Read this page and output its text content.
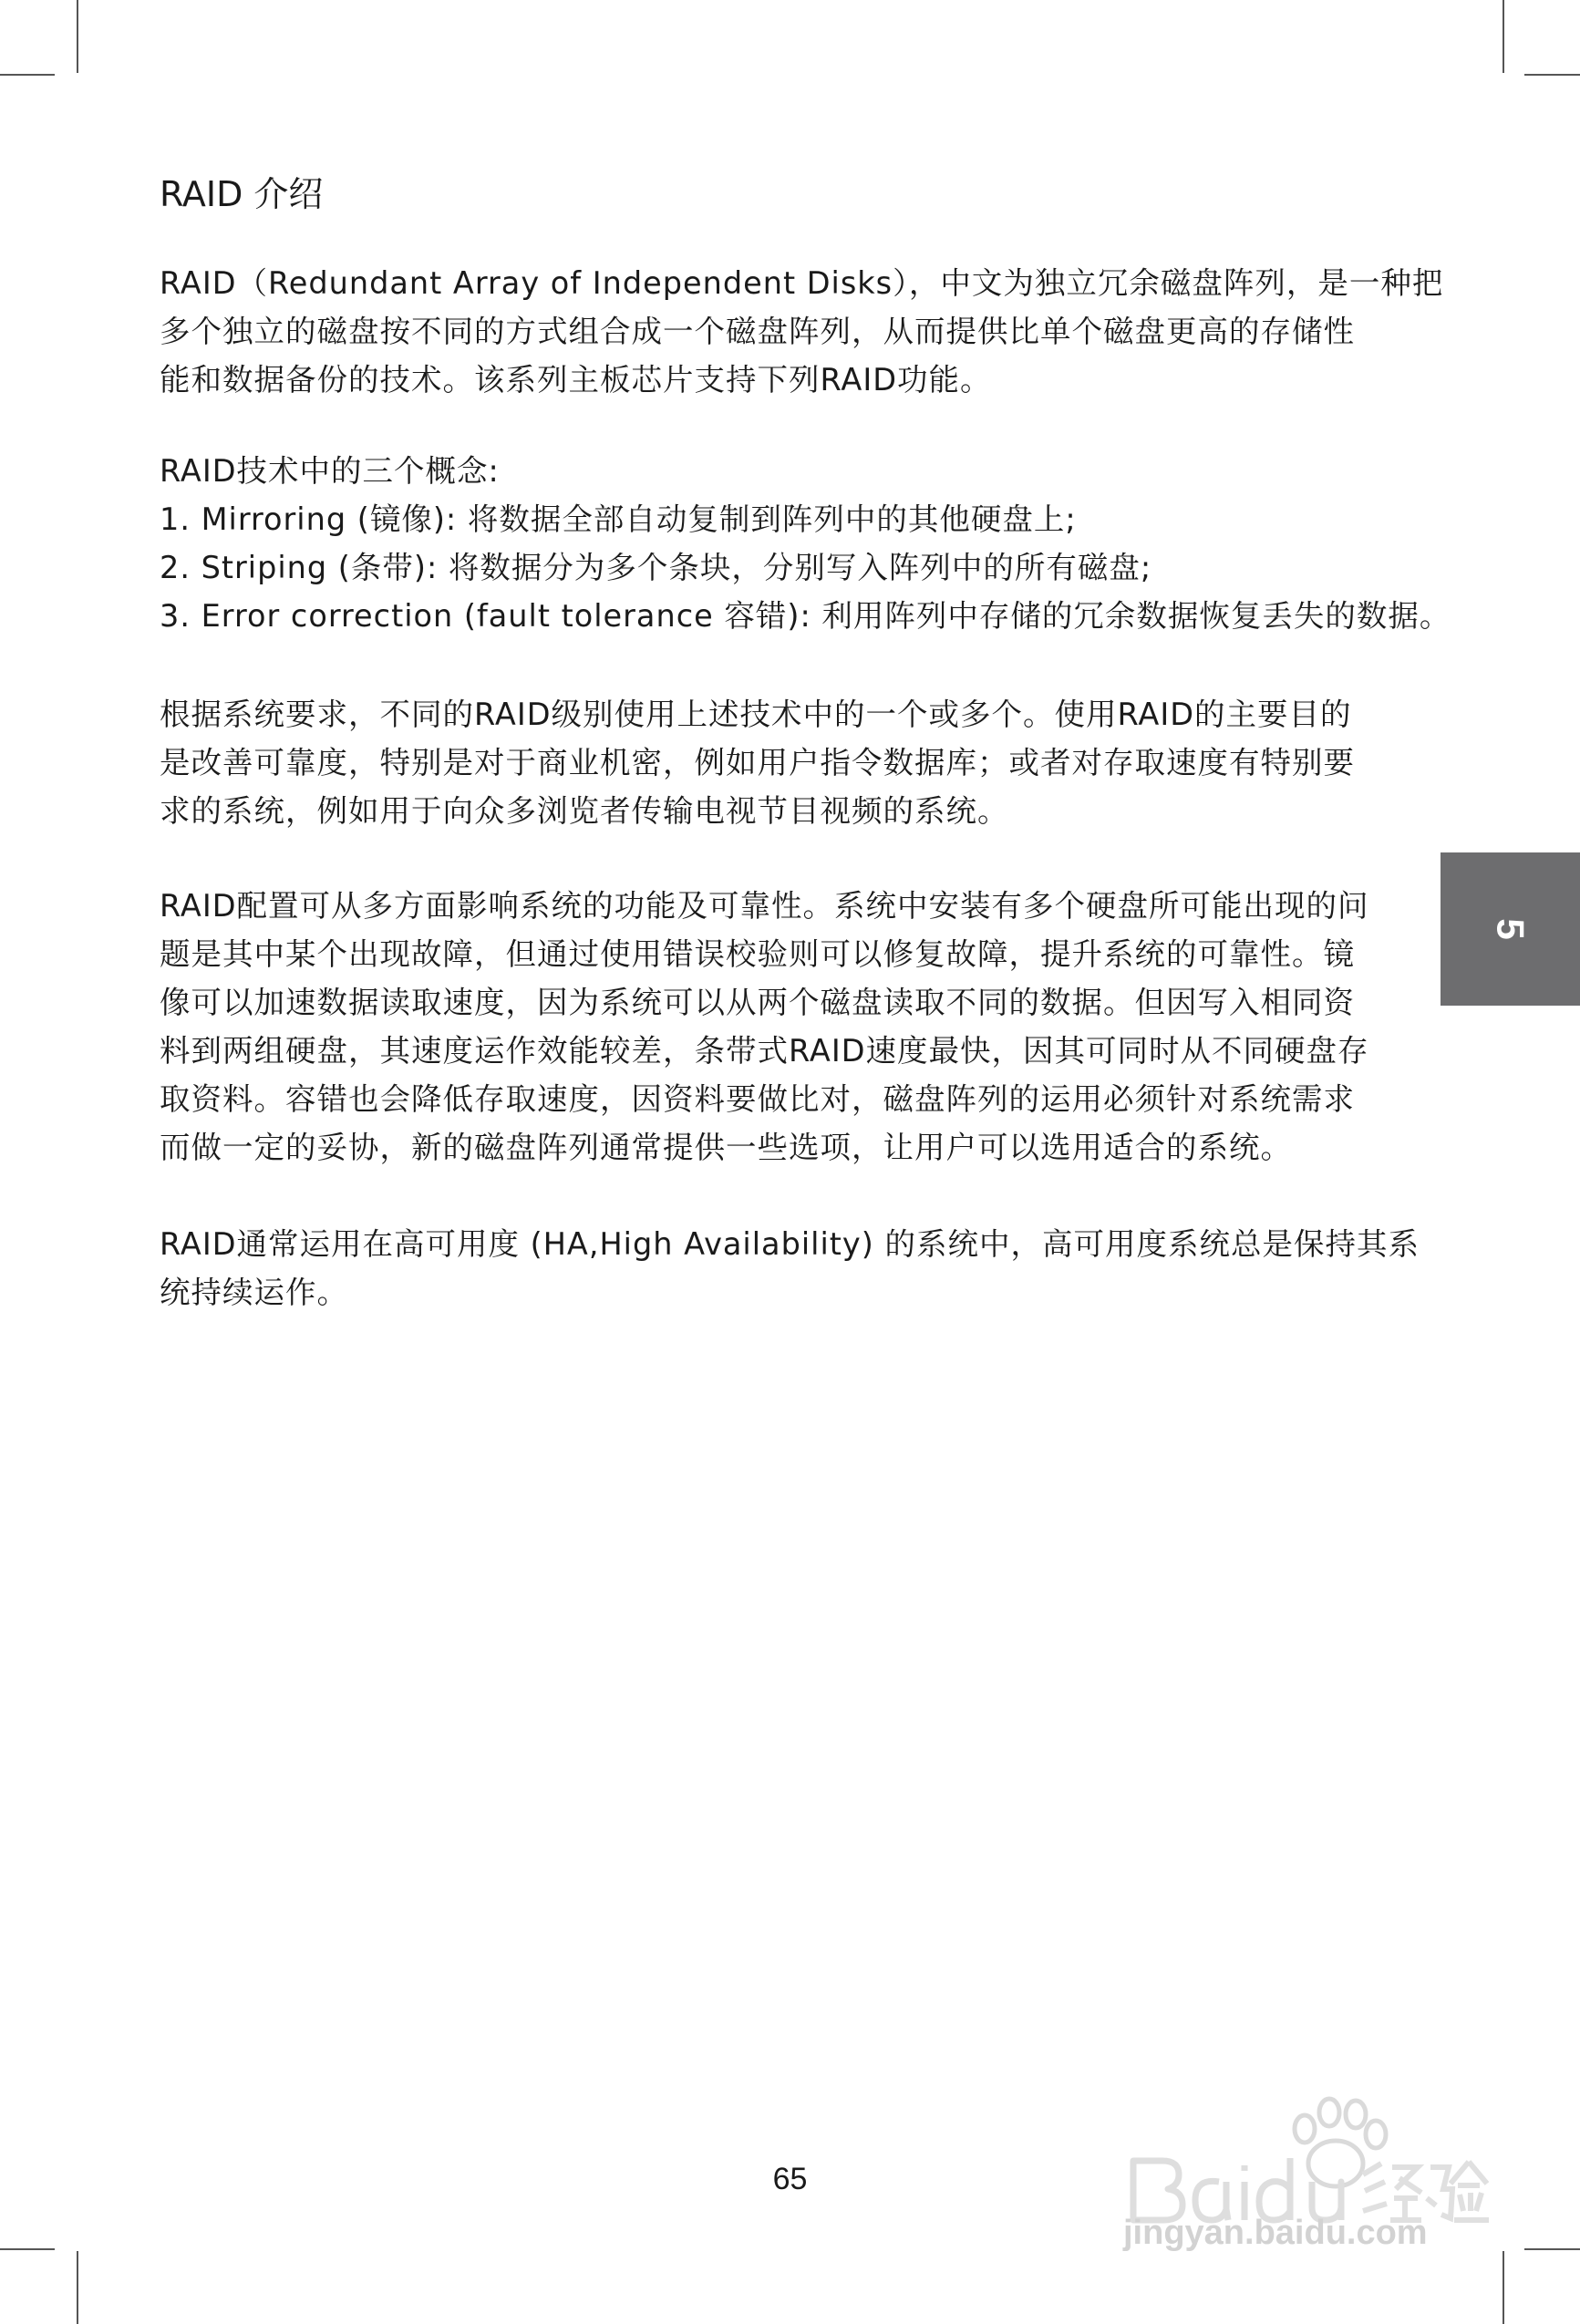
RAID 介绍

RAID（Redundant Array of Independent Disks），中文为独立冗余磁盘阵列，是一种把
多个独立的磁盘按不同的方式组合成一个磁盘阵列，从而提供比单个磁盘更高的存储性
能和数据备份的技术。该系列主板芯片支持下列RAID功能。

RAID技术中的三个概念:
1. Mirroring (镜像): 将数据全部自动复制到阵列中的其他硬盘上;
2. Striping (条带): 将数据分为多个条块，分别写入阵列中的所有磁盘;
3. Error correction (fault tolerance 容错): 利用阵列中存储的冗余数据恢复丢失的数据。

根据系统要求，不同的RAID级别使用上述技术中的一个或多个。使用RAID的主要目的
是改善可靠度，特别是对于商业机密，例如用户指令数据库；或者对存取速度有特别要
求的系统，例如用于向众多浏览者传输电视节目视频的系统。

RAID配置可从多方面影响系统的功能及可靠性。系统中安装有多个硬盘所可能出现的问
题是其中某个出现故障，但通过使用错误校验则可以修复故障，提升系统的可靠性。镜
像可以加速数据读取速度，因为系统可以从两个磁盘读取不同的数据。但因写入相同资
料到两组硬盘，其速度运作效能较差，条带式RAID速度最快，因其可同时从不同硬盘存
取资料。容错也会降低存取速度，因资料要做比对，磁盘阵列的运用必须针对系统需求
而做一定的妥协，新的磁盘阵列通常提供一些选项，让用户可以选用适合的系统。

RAID通常运用在高可用度 (HA,High Availability) 的系统中，高可用度系统总是保持其系
统持续运作。

5
65
jingyan.baidu.com
